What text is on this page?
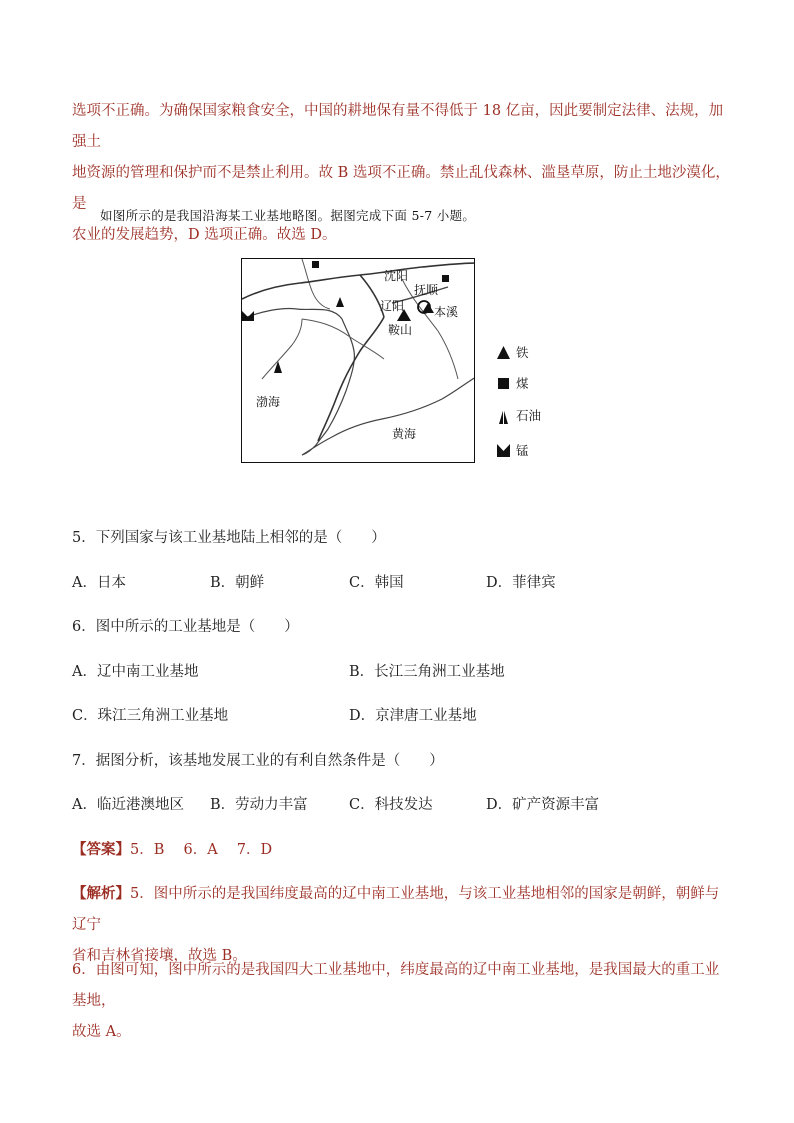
选项不正确。为确保国家粮食安全，中国的耕地保有量不得低于 18 亿亩，因此要制定法律、法规，加强土
地资源的管理和保护而不是禁止利用。故 B 选项不正确。禁止乱伐森林、滥垦草原，防止土地沙漠化，是
农业的发展趋势，D 选项正确。故选 D。
如图所示的是我国沿海某工业基地略图。据图完成下面 5-7 小题。
沈阳
抚顺
辽阳 本溪
鞍山
渤海
黄海
铁
煤
石油
锰
5．下列国家与该工业基地陆上相邻的是（　　）
A．日本	B．朝鲜	C．韩国	D．菲律宾
6．图中所示的工业基地是（　　）
A．辽中南工业基地	B．长江三角洲工业基地
C．珠江三角洲工业基地	D．京津唐工业基地
7．据图分析，该基地发展工业的有利自然条件是（　　）
A．临近港澳地区 B．劳动力丰富	C．科技发达	D．矿产资源丰富
【答案】5．B　 6．A　 7．D
【解析】5．图中所示的是我国纬度最高的辽中南工业基地，与该工业基地相邻的国家是朝鲜，朝鲜与辽宁
省和吉林省接壤，故选 B。
6．由图可知，图中所示的是我国四大工业基地中，纬度最高的辽中南工业基地，是我国最大的重工业基地，
故选 A。
